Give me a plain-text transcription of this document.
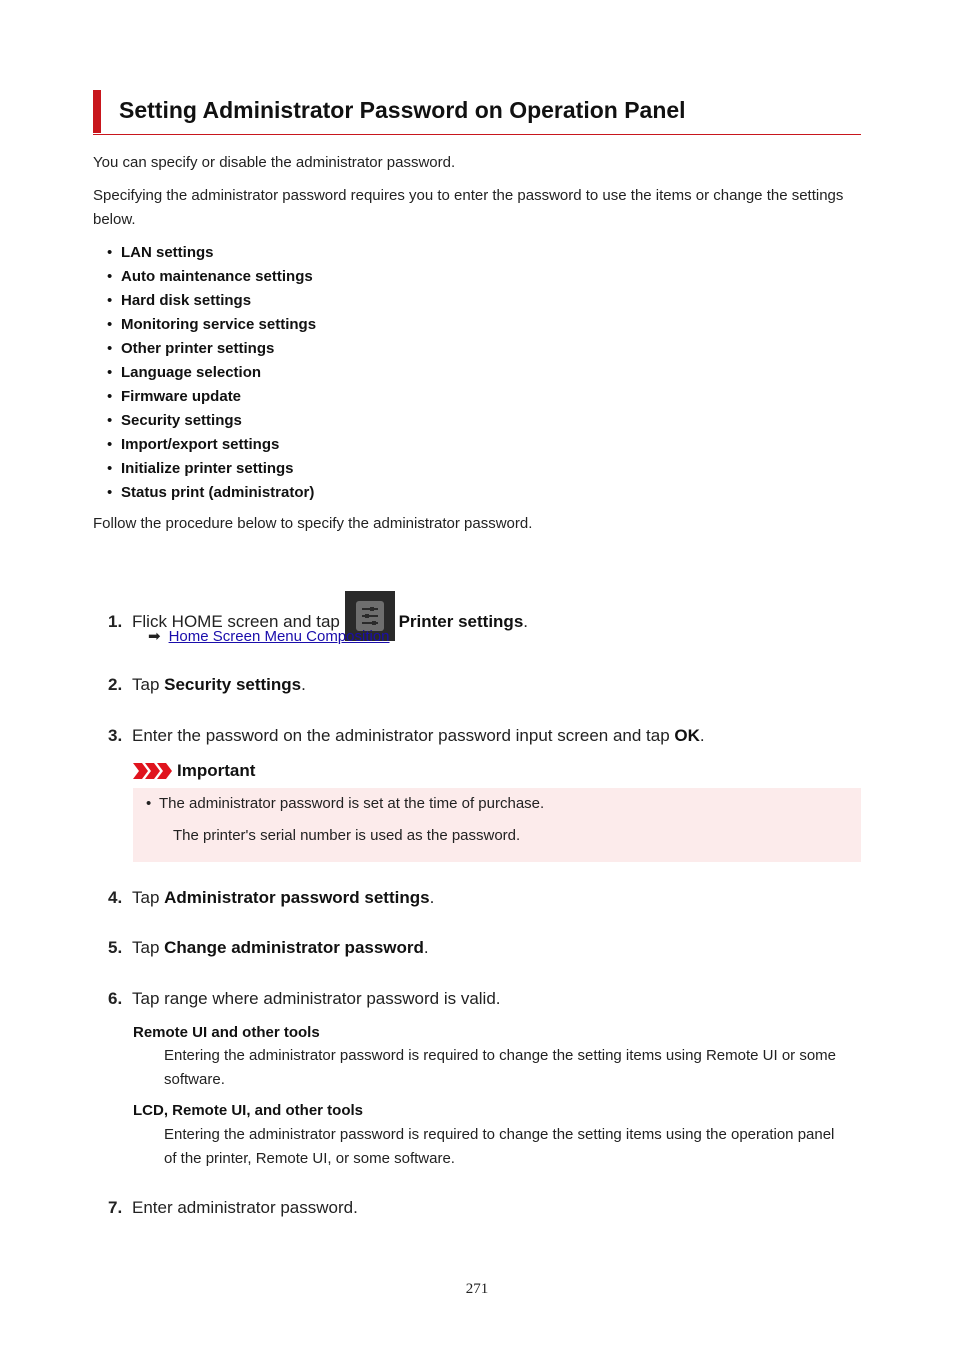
Setting Administrator Password on Operation Panel
You can specify or disable the administrator password.
Specifying the administrator password requires you to enter the password to use the items or change the settings below.
• LAN settings
• Auto maintenance settings
• Hard disk settings
• Monitoring service settings
• Other printer settings
• Language selection
• Firmware update
• Security settings
• Import/export settings
• Initialize printer settings
• Status print (administrator)
Follow the procedure below to specify the administrator password.
1. Flick HOME screen and tap	Printer settings.
➡ Home Screen Menu Composition
2. Tap Security settings.
3. Enter the password on the administrator password input screen and tap OK.
Important
• The administrator password is set at the time of purchase.
The printer's serial number is used as the password.
4. Tap Administrator password settings.
5. Tap Change administrator password.
6. Tap range where administrator password is valid.
Remote UI and other tools
Entering the administrator password is required to change the setting items using Remote UI or some software.
LCD, Remote UI, and other tools
Entering the administrator password is required to change the setting items using the operation panel of the printer, Remote UI, or some software.
7. Enter administrator password.
271
